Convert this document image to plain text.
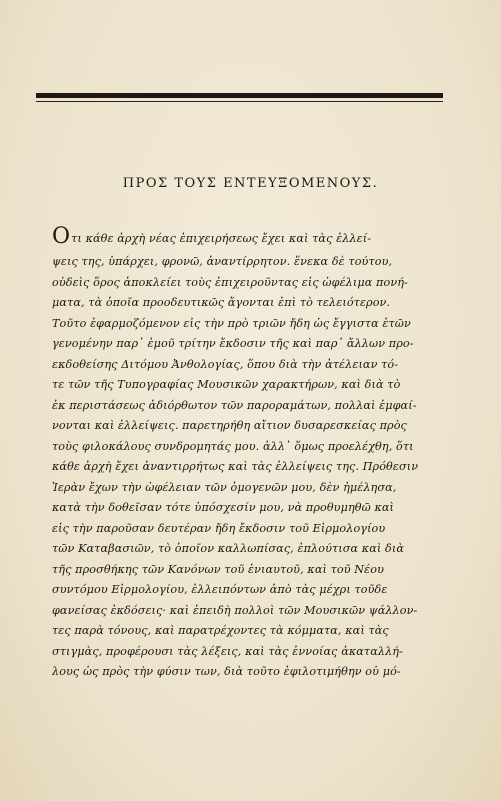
ΠΡΟΣ ΤΟΥΣ ΕΝΤΕΥΞΟΜΕΝΟΥΣ.
Οτι κάθε ἀρχὴ νέας ἐπιχειρήσεως ἔχει καὶ τὰς ἐλλεί-
ψεις της, ὑπάρχει, φρονῶ, ἀναντίρρητον. ἕνεκα δὲ τούτου,
οὐδεὶς ὅρος ἀποκλείει τοὺς ἐπιχειροῦντας εἰς ὠφέλιμα πονή-
ματα, τὰ ὁποῖα προοδευτικῶς ἄγονται ἐπὶ τὸ τελειότερον.
Τοῦτο ἐφαρμοζόμενον εἰς τὴν πρὸ τριῶν ἤδη ὡς ἔγγιστα ἐτῶν
γενομένην παρ᾽ ἐμοῦ τρίτην ἔκδοσιν τῆς καὶ παρ᾽ ἄλλων προ-
εκδοθείσης Διτόμου Ἀνθολογίας, ὅπου διὰ τὴν ἀτέλειαν τό-
τε τῶν τῆς Τυπογραφίας Μουσικῶν χαρακτήρων, καὶ διὰ τὸ
ἐκ περιστάσεως ἀδιόρθωτον τῶν παροραμάτων, πολλαὶ ἐμφαί-
νονται καὶ ἐλλείψεις. παρετηρήθη αἴτιον δυσαρεσκείας πρὸς
τοὺς φιλοκάλους συνδρομητάς μου. ἀλλ᾽ ὅμως προελέχθη, ὅτι
κάθε ἀρχὴ ἔχει ἀναντιρρήτως καὶ τὰς ἐλλείψεις της. Πρόθεσιν
Ἱερὰν ἔχων τὴν ὠφέλειαν τῶν ὁμογενῶν μου, δὲν ἠμέλησα,
κατὰ τὴν δοθεῖσαν τότε ὑπόσχεσίν μου, νὰ προθυμηθῶ καὶ
εἰς τὴν παροῦσαν δευτέραν ἤδη ἔκδοσιν τοῦ Εἱρμολογίου
τῶν Καταβασιῶν, τὸ ὁποῖον καλλωπίσας, ἐπλούτισα καὶ διὰ
τῆς προσθήκης τῶν Κανόνων τοῦ ἐνιαυτοῦ, καὶ τοῦ Νέου
συντόμου Εἱρμολογίου, ἐλλειπόντων ἀπὸ τὰς μέχρι τοῦδε
φανείσας ἐκδόσεις· καὶ ἐπειδὴ πολλοὶ τῶν Μουσικῶν ψάλλον-
τες παρὰ τόνους, καὶ παρατρέχοντες τὰ κόμματα, καὶ τὰς
στιγμὰς, προφέρουσι τὰς λέξεις, καὶ τὰς ἐννοίας ἀκαταλλή-
λους ὡς πρὸς τὴν φύσιν των, διὰ τοῦτο ἐφιλοτιμήθην οὐ μό-
